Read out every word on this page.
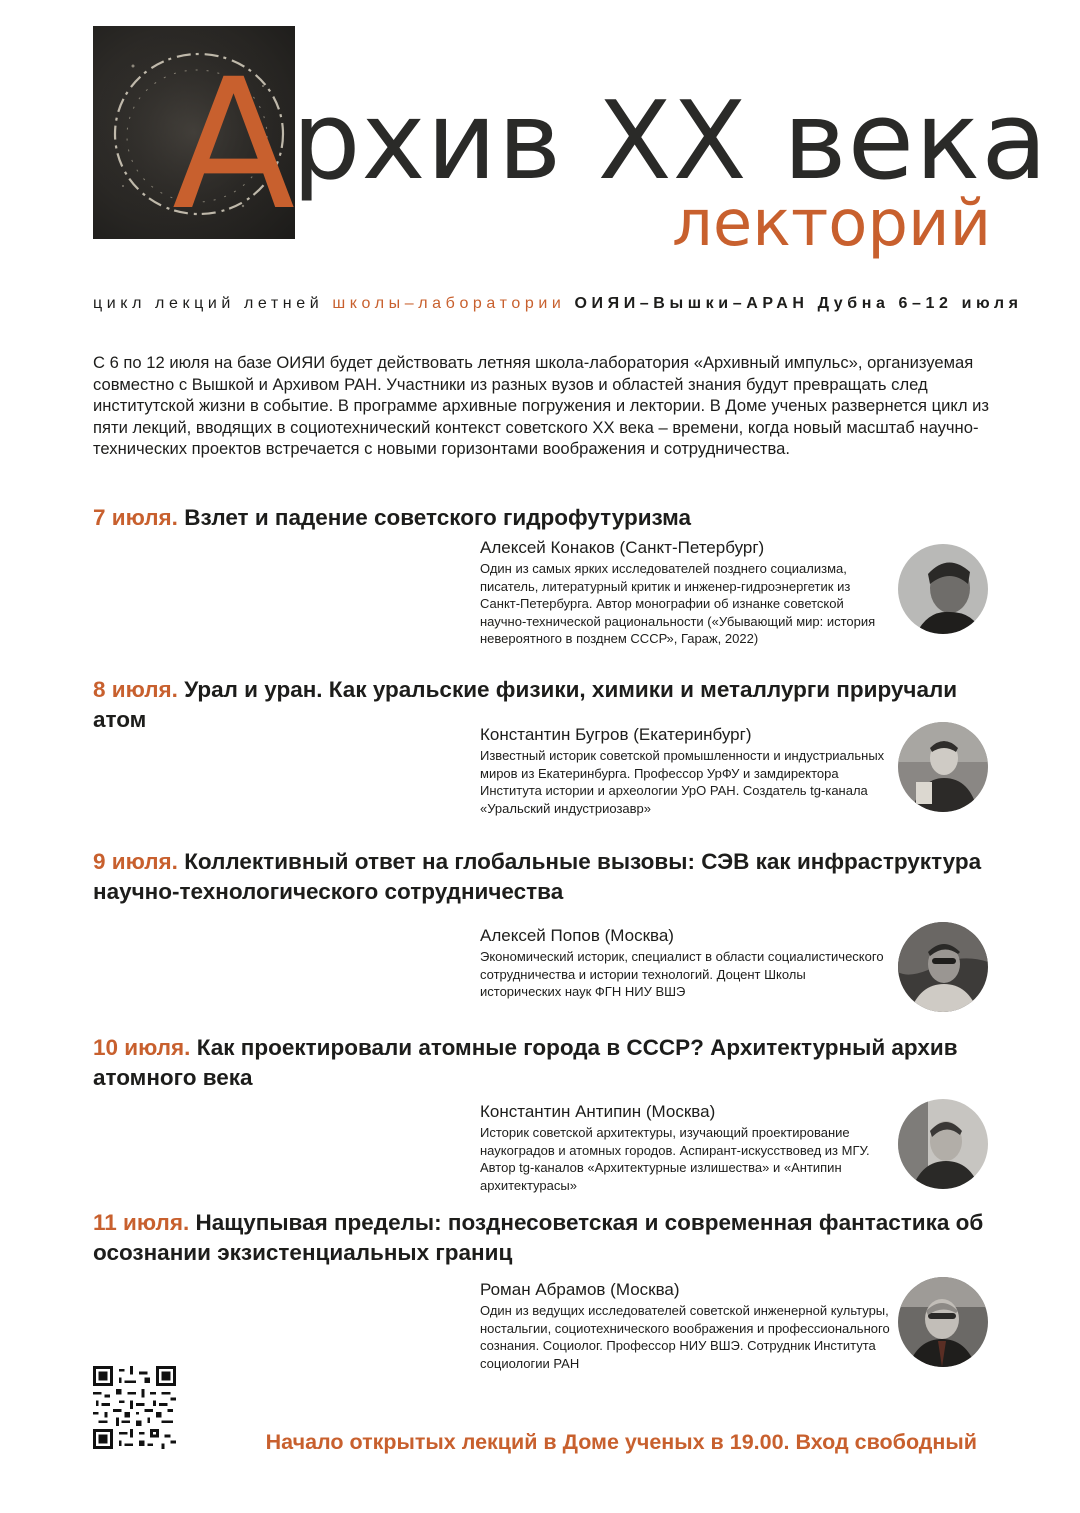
А
рхив XX века
лекторий
цикл лекций летней школы–лаборатории ОИЯИ–Вышки–АРАН Дубна 6–12 июля

С 6 по 12 июля на базе ОИЯИ будет действовать летняя школа-лаборатория «Архивный импульс», организуемая совместно с Вышкой и Архивом РАН. Участники из разных вузов и областей знания будут превращать след институтской жизни в событие. В программе архивные погружения и лектории. В Доме ученых развернется цикл из пяти лекций, вводящих в социотехнический контекст советского XX века – времени, когда новый масштаб научно-технических проектов встречается с новыми горизонтами воображения и сотрудничества.

7 июля. Взлет и падение советского гидрофутуризма
Алексей Конаков (Санкт-Петербург)
Один из самых ярких исследователей позднего социализма, писатель, литературный критик и инженер-гидроэнергетик из Санкт-Петербурга. Автор монографии об изнанке советской научно-технической рациональности («Убывающий мир: история невероятного в позднем СССР», Гараж, 2022)
8 июля. Урал и уран. Как уральские физики, химики и металлурги приручали атом
Константин Бугров (Екатеринбург)
Известный историк советской промышленности и индустриальных миров из Екатеринбурга. Профессор УрФУ и замдиректора Института истории и археологии УрО РАН. Создатель tg-канала «Уральский индустриозавр»
9 июля. Коллективный ответ на глобальные вызовы: СЭВ как инфраструктура научно-технологического сотрудничества
Алексей Попов (Москва)
Экономический историк, специалист в области социалистического сотрудничества и истории технологий. Доцент Школы исторических наук ФГН НИУ ВШЭ
10 июля. Как проектировали атомные города в СССР? Архитектурный архив атомного века
Константин Антипин (Москва)
Историк советской архитектуры, изучающий проектирование наукоградов и атомных городов. Аспирант-искусствовед из МГУ. Автор tg-каналов «Архитектурные излишества» и «Антипин архитектурасы»
11 июля. Нащупывая пределы: позднесоветская и современная фантастика об осознании экзистенциальных границ
Роман Абрамов (Москва)
Один из ведущих исследователей советской инженерной культуры, ностальгии, социотехнического воображения и профессионального сознания. Социолог. Профессор НИУ ВШЭ. Сотрудник Института социологии РАН
Начало открытых лекций в Доме ученых в 19.00. Вход свободный
